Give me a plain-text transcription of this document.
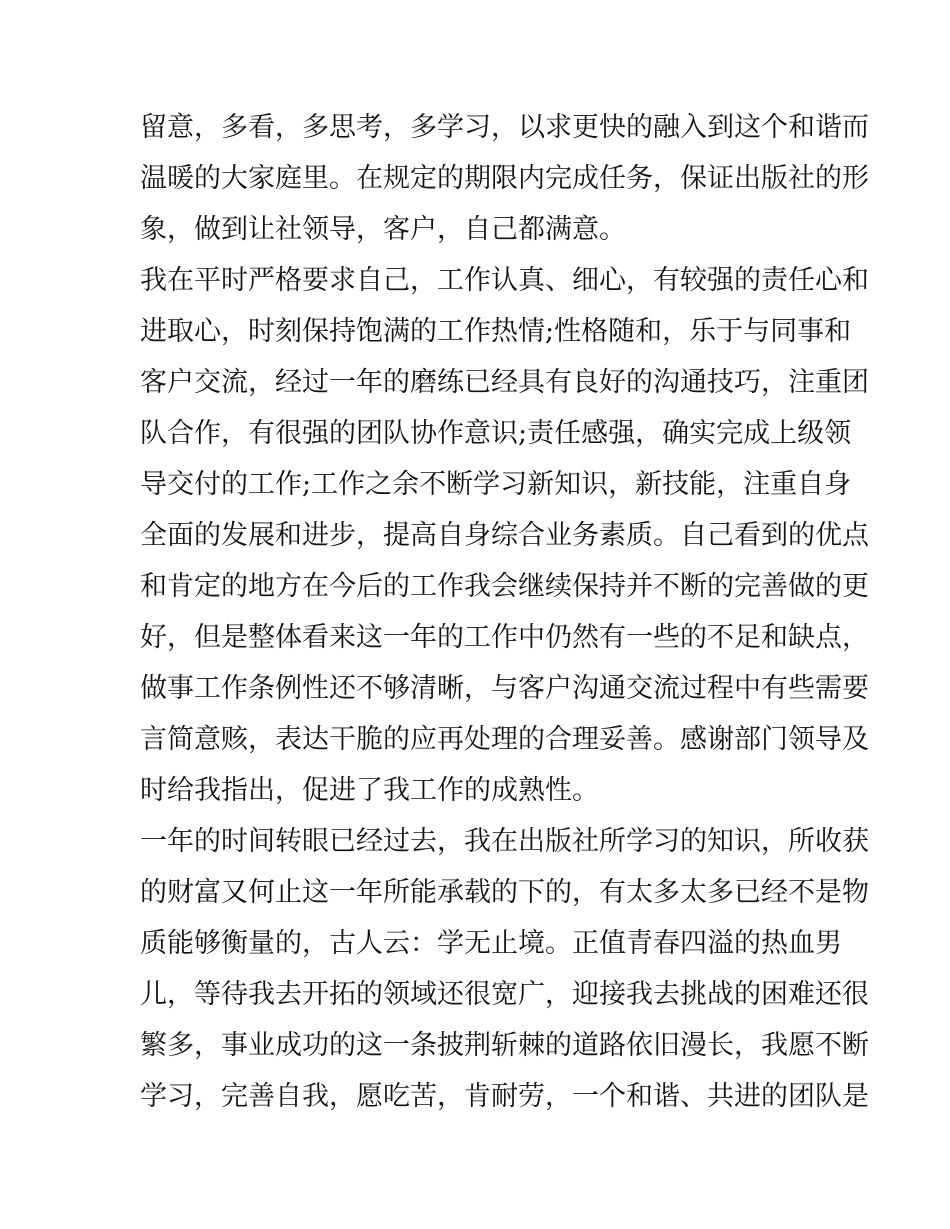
留意，多看，多思考，多学习，以求更快的融入到这个和谐而
温暖的大家庭里。在规定的期限内完成任务，保证出版社的形
象，做到让社领导，客户，自己都满意。
我在平时严格要求自己，工作认真、细心，有较强的责任心和
进取心，时刻保持饱满的工作热情;性格随和，乐于与同事和
客户交流，经过一年的磨练已经具有良好的沟通技巧，注重团
队合作，有很强的团队协作意识;责任感强，确实完成上级领
导交付的工作;工作之余不断学习新知识，新技能，注重自身
全面的发展和进步，提高自身综合业务素质。自己看到的优点
和肯定的地方在今后的工作我会继续保持并不断的完善做的更
好，但是整体看来这一年的工作中仍然有一些的不足和缺点，
做事工作条例性还不够清晰，与客户沟通交流过程中有些需要
言简意赅，表达干脆的应再处理的合理妥善。感谢部门领导及
时给我指出，促进了我工作的成熟性。
一年的时间转眼已经过去，我在出版社所学习的知识，所收获
的财富又何止这一年所能承载的下的，有太多太多已经不是物
质能够衡量的，古人云：学无止境。正值青春四溢的热血男
儿，等待我去开拓的领域还很宽广，迎接我去挑战的困难还很
繁多，事业成功的这一条披荆斩棘的道路依旧漫长，我愿不断
学习，完善自我，愿吃苦，肯耐劳，一个和谐、共进的团队是
